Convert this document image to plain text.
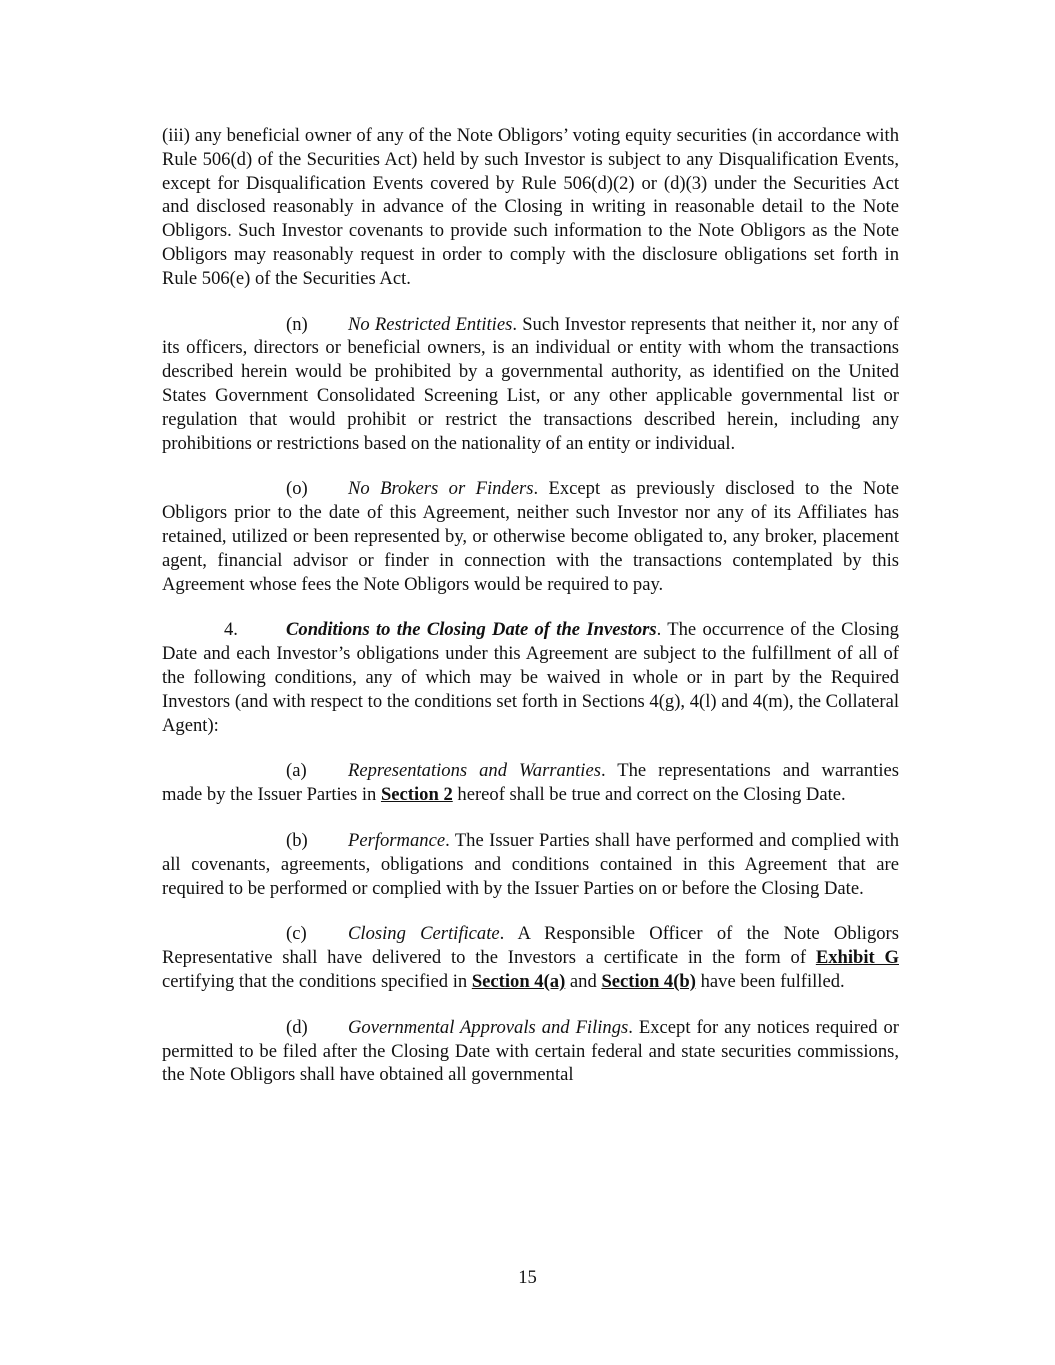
(iii) any beneficial owner of any of the Note Obligors’ voting equity securities (in accordance with Rule 506(d) of the Securities Act) held by such Investor is subject to any Disqualification Events, except for Disqualification Events covered by Rule 506(d)(2) or (d)(3) under the Securities Act and disclosed reasonably in advance of the Closing in writing in reasonable detail to the Note Obligors. Such Investor covenants to provide such information to the Note Obligors as the Note Obligors may reasonably request in order to comply with the disclosure obligations set forth in Rule 506(e) of the Securities Act.

(n) No Restricted Entities. Such Investor represents that neither it, nor any of its officers, directors or beneficial owners, is an individual or entity with whom the transactions described herein would be prohibited by a governmental authority, as identified on the United States Government Consolidated Screening List, or any other applicable governmental list or regulation that would prohibit or restrict the transactions described herein, including any prohibitions or restrictions based on the nationality of an entity or individual.

(o) No Brokers or Finders. Except as previously disclosed to the Note Obligors prior to the date of this Agreement, neither such Investor nor any of its Affiliates has retained, utilized or been represented by, or otherwise become obligated to, any broker, placement agent, financial advisor or finder in connection with the transactions contemplated by this Agreement whose fees the Note Obligors would be required to pay.

4.	Conditions to the Closing Date of the Investors. The occurrence of the Closing Date and each Investor’s obligations under this Agreement are subject to the fulfillment of all of the following conditions, any of which may be waived in whole or in part by the Required Investors (and with respect to the conditions set forth in Sections 4(g), 4(l) and 4(m), the Collateral Agent):

(a) Representations and Warranties. The representations and warranties made by the Issuer Parties in Section 2 hereof shall be true and correct on the Closing Date.

(b) Performance. The Issuer Parties shall have performed and complied with all covenants, agreements, obligations and conditions contained in this Agreement that are required to be performed or complied with by the Issuer Parties on or before the Closing Date.

(c) Closing Certificate. A Responsible Officer of the Note Obligors Representative shall have delivered to the Investors a certificate in the form of Exhibit G certifying that the conditions specified in Section 4(a) and Section 4(b) have been fulfilled.

(d) Governmental Approvals and Filings. Except for any notices required or permitted to be filed after the Closing Date with certain federal and state securities commissions, the Note Obligors shall have obtained all governmental

15
